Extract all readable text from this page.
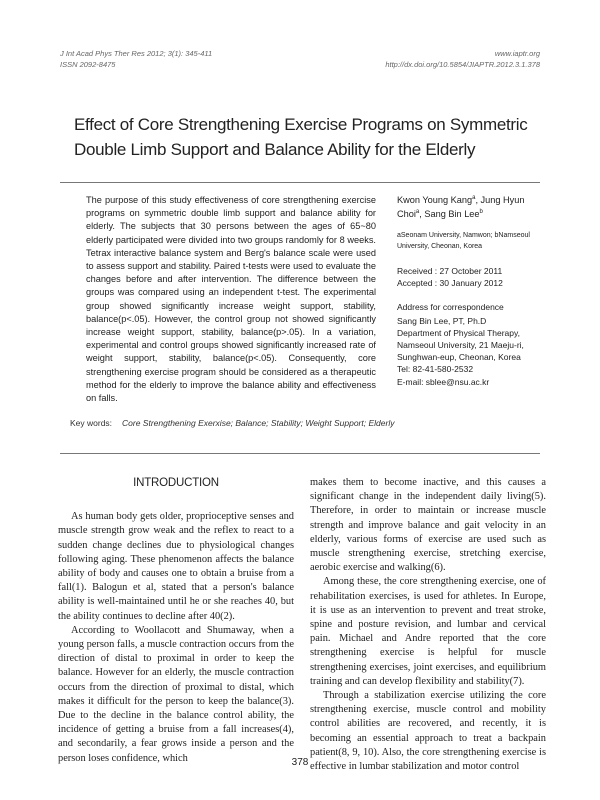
J Int Acad Phys Ther Res 2012; 3(1): 345-411
ISSN 2092-8475
www.iaptr.org
http://dx.doi.org/10.5854/JIAPTR.2012.3.1.378
Effect of Core Strengthening Exercise Programs on Symmetric Double Limb Support and Balance Ability for the Elderly
The purpose of this study effectiveness of core strengthening exercise programs on symmetric double limb support and balance ability for elderly. The subjects that 30 persons between the ages of 65~80 elderly participated were divided into two groups randomly for 8 weeks. Tetrax interactive balance system and Berg's balance scale were used to assess support and stability. Paired t-tests were used to evaluate the changes before and after intervention. The difference between the groups was compared using an independent t-test. The experimental group showed significantly increase weight support, stability, balance(p<.05). However, the control group not showed significantly increase weight support, stability, balance(p>.05). In a variation, experimental and control groups showed significantly increased rate of weight support, stability, balance(p<.05). Consequently, core strengthening exercise program should be considered as a therapeutic method for the elderly to improve the balance ability and effectiveness on falls.
Kwon Young Kang$^a$, Jung Hyun Choi$^a$, Sang Bin Lee$^b$
aSeonam University, Namwon; bNamseoul University, Cheonan, Korea
Received : 27 October 2011
Accepted : 30 January 2012
Address for correspondence
Sang Bin Lee, PT, Ph.D
Department of Physical Therapy, Namseoul University, 21 Maeju-ri, Sunghwan-eup, Cheonan, Korea
Tel: 82-41-580-2532
E-mail: sblee@nsu.ac.kr
Key words: Core Strengthening Exerxise; Balance; Stability; Weight Support; Elderly
INTRODUCTION

As human body gets older, proprioceptive senses and muscle strength grow weak and the reflex to react to a sudden change declines due to physiological changes following aging. These phenomenon affects the balance ability of body and causes one to obtain a bruise from a fall(1). Balogun et al, stated that a person's balance ability is well-maintained until he or she reaches 40, but the ability continues to decline after 40(2).

According to Woollacott and Shumaway, when a young person falls, a muscle contraction occurs from the direction of distal to proximal in order to keep the balance. However for an elderly, the muscle contraction occurs from the direction of proximal to distal, which makes it difficult for the person to keep the balance(3). Due to the decline in the balance control ability, the incidence of getting a bruise from a fall increases(4), and secondarily, a fear grows inside a person and the person loses confidence, which

makes them to become inactive, and this causes a significant change in the independent daily living(5). Therefore, in order to maintain or increase muscle strength and improve balance and gait velocity in an elderly, various forms of exercise are used such as muscle strengthening exercise, stretching exercise, aerobic exercise and walking(6).

Among these, the core strengthening exercise, one of rehabilitation exercises, is used for athletes. In Europe, it is use as an intervention to prevent and treat stroke, spine and posture revision, and lumbar and cervical pain. Michael and Andre reported that the core strengthening exercise is helpful for muscle strengthening exercises, joint exercises, and equilibrium training and can develop flexibility and stability(7).

Through a stabilization exercise utilizing the core strengthening exercise, muscle control and mobility control abilities are recovered, and recently, it is becoming an essential approach to treat a backpain patient(8, 9, 10). Also, the core strengthening exercise is effective in lumbar stabilization and motor control

378
